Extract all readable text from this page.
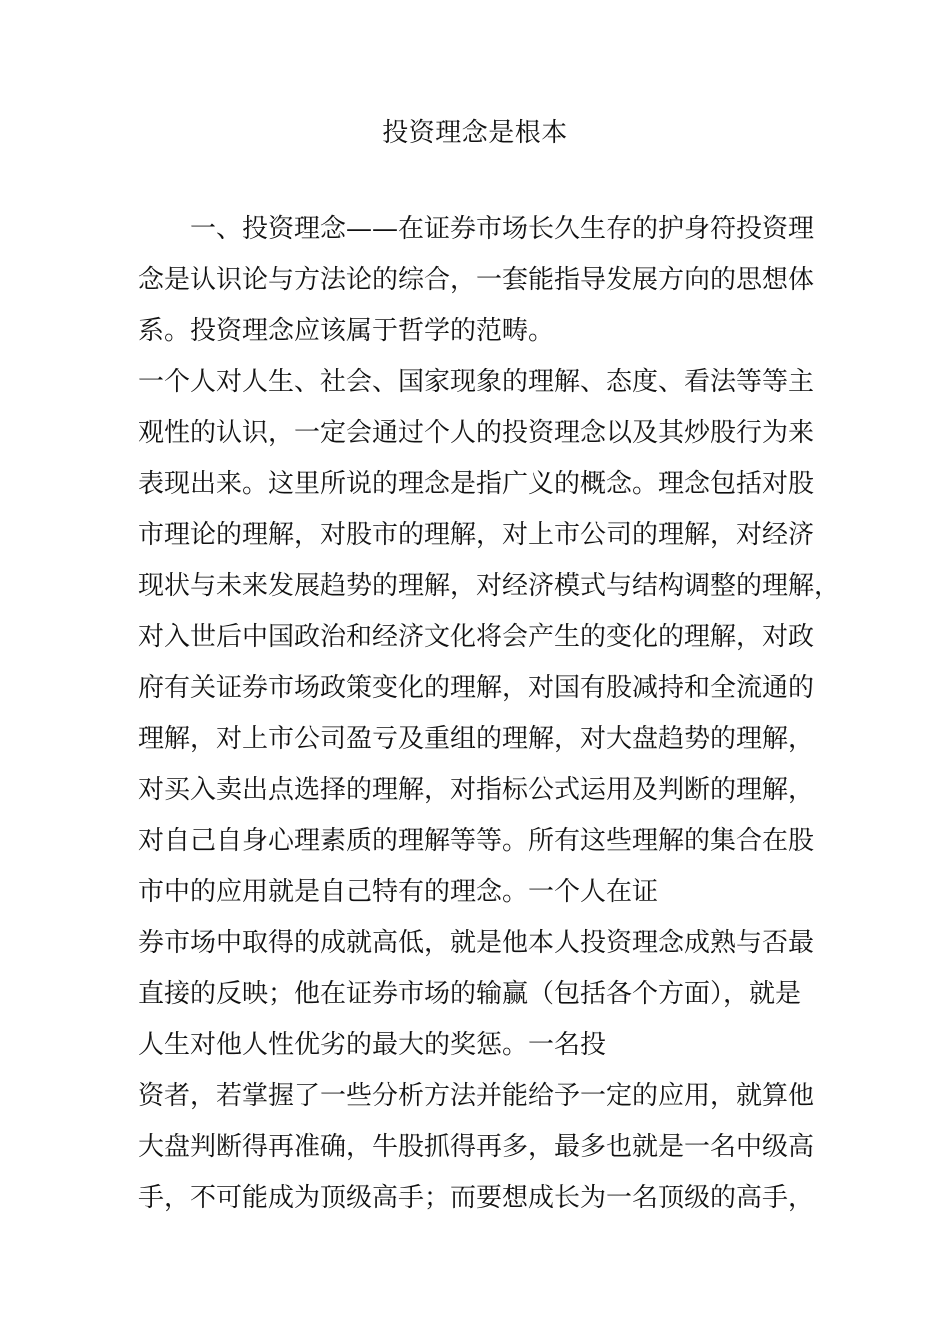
投资理念是根本
一、投资理念——在证券市场长久生存的护身符投资理
念是认识论与方法论的综合，一套能指导发展方向的思想体
系。投资理念应该属于哲学的范畴。
一个人对人生、社会、国家现象的理解、态度、看法等等主
观性的认识，一定会通过个人的投资理念以及其炒股行为来
表现出来。这里所说的理念是指广义的概念。理念包括对股
市理论的理解，对股市的理解，对上市公司的理解，对经济
现状与未来发展趋势的理解，对经济模式与结构调整的理解，
对入世后中国政治和经济文化将会产生的变化的理解，对政
府有关证券市场政策变化的理解，对国有股减持和全流通的
理解，对上市公司盈亏及重组的理解，对大盘趋势的理解，
对买入卖出点选择的理解，对指标公式运用及判断的理解，
对自己自身心理素质的理解等等。所有这些理解的集合在股
市中的应用就是自己特有的理念。一个人在证
券市场中取得的成就高低，就是他本人投资理念成熟与否最
直接的反映；他在证券市场的输赢（包括各个方面），就是
人生对他人性优劣的最大的奖惩。一名投
资者，若掌握了一些分析方法并能给予一定的应用，就算他
大盘判断得再准确，牛股抓得再多，最多也就是一名中级高
手，不可能成为顶级高手；而要想成长为一名顶级的高手，
